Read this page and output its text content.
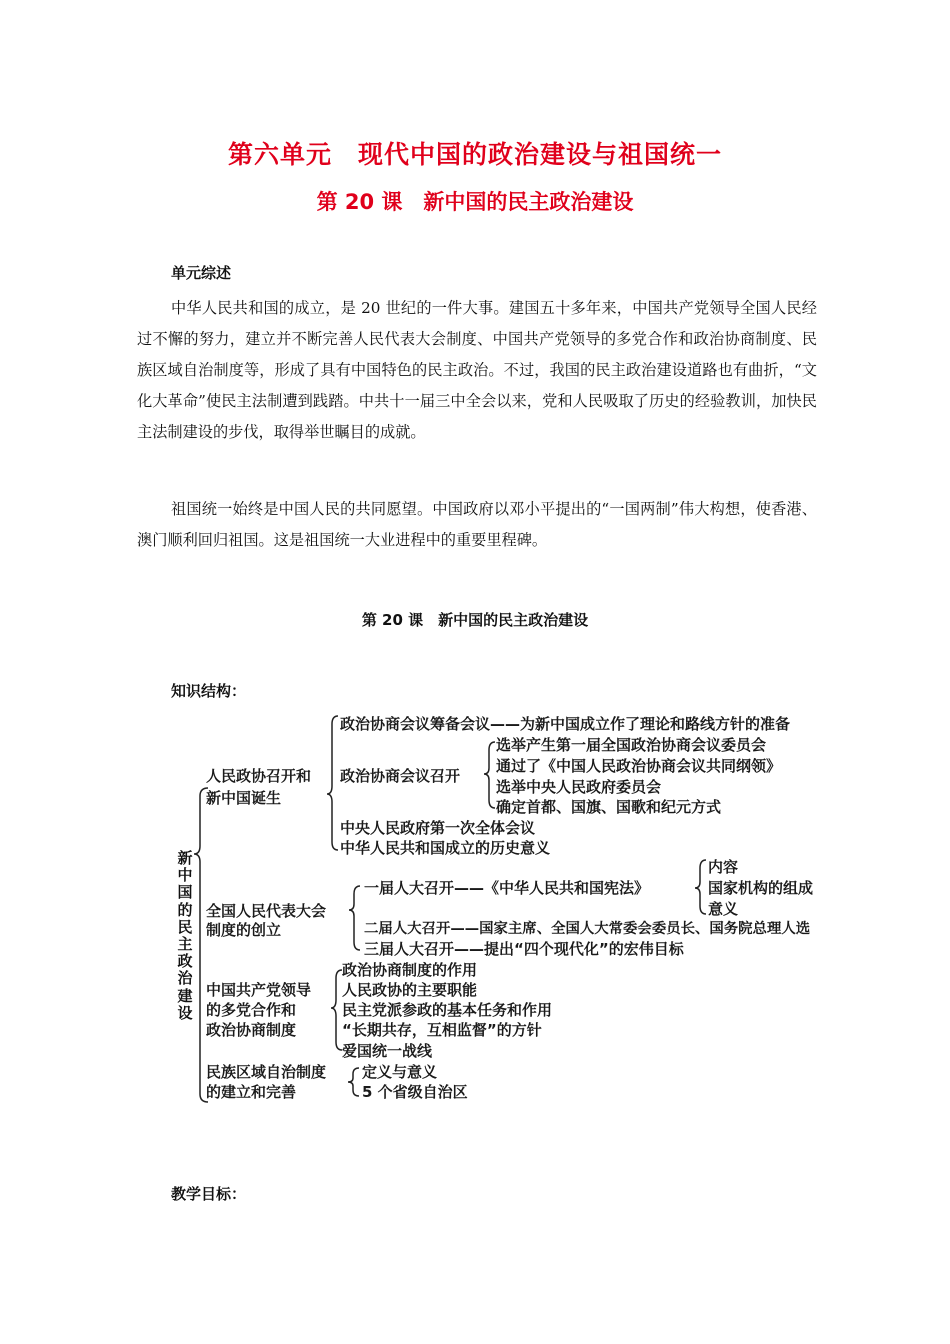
第六单元　现代中国的政治建设与祖国统一
第 20 课　新中国的民主政治建设
单元综述

中华人民共和国的成立，是 20 世纪的一件大事。建国五十多年来，中国共产党领导全国人民经过不懈的努力，建立并不断完善人民代表大会制度、中国共产党领导的多党合作和政治协商制度、民族区域自治制度等，形成了具有中国特色的民主政治。不过，我国的民主政治建设道路也有曲折，“文化大革命”使民主法制遭到践踏。中共十一届三中全会以来，党和人民吸取了历史的经验教训，加快民主法制建设的步伐，取得举世瞩目的成就。

祖国统一始终是中国人民的共同愿望。中国政府以邓小平提出的“一国两制”伟大构想，使香港、澳门顺利回归祖国。这是祖国统一大业进程中的重要里程碑。

第 20 课　新中国的民主政治建设
知识结构：
新中国的民主政治建设
人民政协召开和
新中国诞生
政治协商会议筹备会议——为新中国成立作了理论和路线方针的准备
政治协商会议召开
选举产生第一届全国政治协商会议委员会
通过了《中国人民政治协商会议共同纲领》
选举中央人民政府委员会
确定首都、国旗、国歌和纪元方式
中央人民政府第一次全体会议
中华人民共和国成立的历史意义
全国人民代表大会
制度的创立
一届人大召开——《中华人民共和国宪法》
内容
国家机构的组成
意义
二届人大召开——国家主席、全国人大常委会委员长、国务院总理人选
三届人大召开——提出“四个现代化”的宏伟目标
中国共产党领导
的多党合作和
政治协商制度
政治协商制度的作用
人民政协的主要职能
民主党派参政的基本任务和作用
“长期共存，互相监督”的方针
爱国统一战线
民族区域自治制度
的建立和完善
定义与意义
5 个省级自治区
教学目标：
